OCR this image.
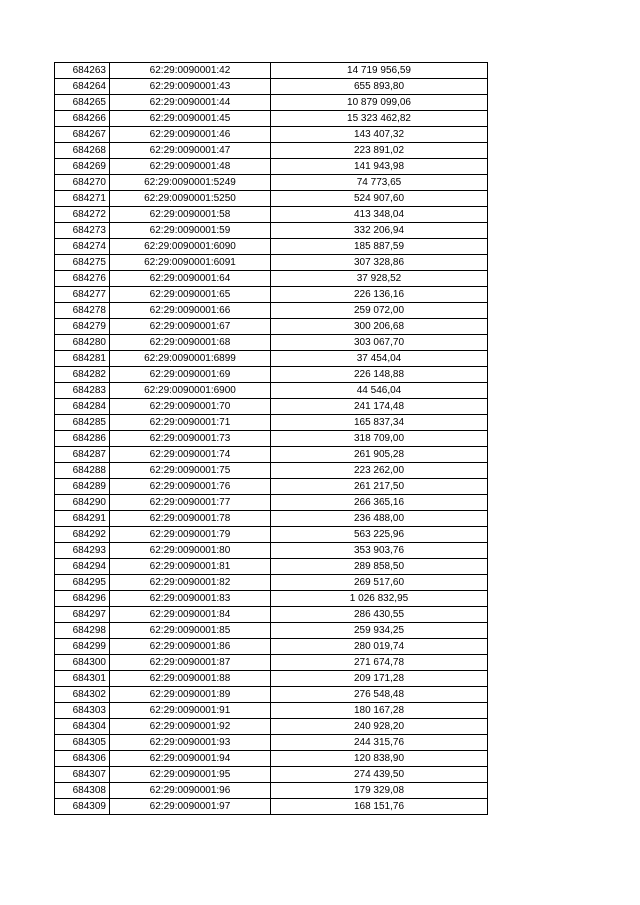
684263	62:29:0090001:42	14 719 956,59
684264	62:29:0090001:43	655 893,80
684265	62:29:0090001:44	10 879 099,06
684266	62:29:0090001:45	15 323 462,82
684267	62:29:0090001:46	143 407,32
684268	62:29:0090001:47	223 891,02
684269	62:29:0090001:48	141 943,98
684270	62:29:0090001:5249	74 773,65
684271	62:29:0090001:5250	524 907,60
684272	62:29:0090001:58	413 348,04
684273	62:29:0090001:59	332 206,94
684274	62:29:0090001:6090	185 887,59
684275	62:29:0090001:6091	307 328,86
684276	62:29:0090001:64	37 928,52
684277	62:29:0090001:65	226 136,16
684278	62:29:0090001:66	259 072,00
684279	62:29:0090001:67	300 206,68
684280	62:29:0090001:68	303 067,70
684281	62:29:0090001:6899	37 454,04
684282	62:29:0090001:69	226 148,88
684283	62:29:0090001:6900	44 546,04
684284	62:29:0090001:70	241 174,48
684285	62:29:0090001:71	165 837,34
684286	62:29:0090001:73	318 709,00
684287	62:29:0090001:74	261 905,28
684288	62:29:0090001:75	223 262,00
684289	62:29:0090001:76	261 217,50
684290	62:29:0090001:77	266 365,16
684291	62:29:0090001:78	236 488,00
684292	62:29:0090001:79	563 225,96
684293	62:29:0090001:80	353 903,76
684294	62:29:0090001:81	289 858,50
684295	62:29:0090001:82	269 517,60
684296	62:29:0090001:83	1 026 832,95
684297	62:29:0090001:84	286 430,55
684298	62:29:0090001:85	259 934,25
684299	62:29:0090001:86	280 019,74
684300	62:29:0090001:87	271 674,78
684301	62:29:0090001:88	209 171,28
684302	62:29:0090001:89	276 548,48
684303	62:29:0090001:91	180 167,28
684304	62:29:0090001:92	240 928,20
684305	62:29:0090001:93	244 315,76
684306	62:29:0090001:94	120 838,90
684307	62:29:0090001:95	274 439,50
684308	62:29:0090001:96	179 329,08
684309	62:29:0090001:97	168 151,76
